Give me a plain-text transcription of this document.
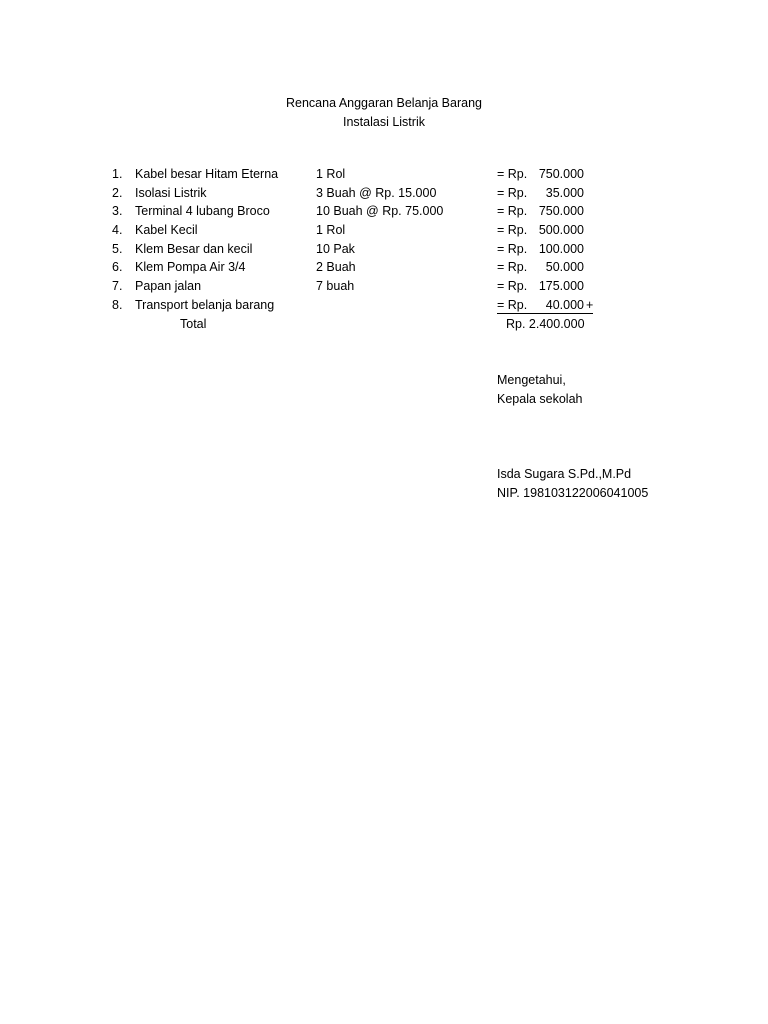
Rencana Anggaran Belanja Barang
Instalasi Listrik
1. Kabel besar Hitam Eterna	1 Rol	= Rp. 750.000
2. Isolasi Listrik	3 Buah @ Rp. 15.000	= Rp.	35.000
3. Terminal 4 lubang Broco	10 Buah @ Rp. 75.000	= Rp. 750.000
4. Kabel Kecil	1 Rol	= Rp. 500.000
5. Klem Besar dan kecil	10 Pak	= Rp. 100.000
6. Klem Pompa Air 3/4	2 Buah	= Rp.	50.000
7. Papan jalan	7 buah	= Rp. 175.000
8. Transport belanja barang	= Rp.	40.000 +
Total	Rp. 2.400.000
Mengetahui,
Kepala sekolah
Isda Sugara S.Pd.,M.Pd
NIP. 198103122006041005
